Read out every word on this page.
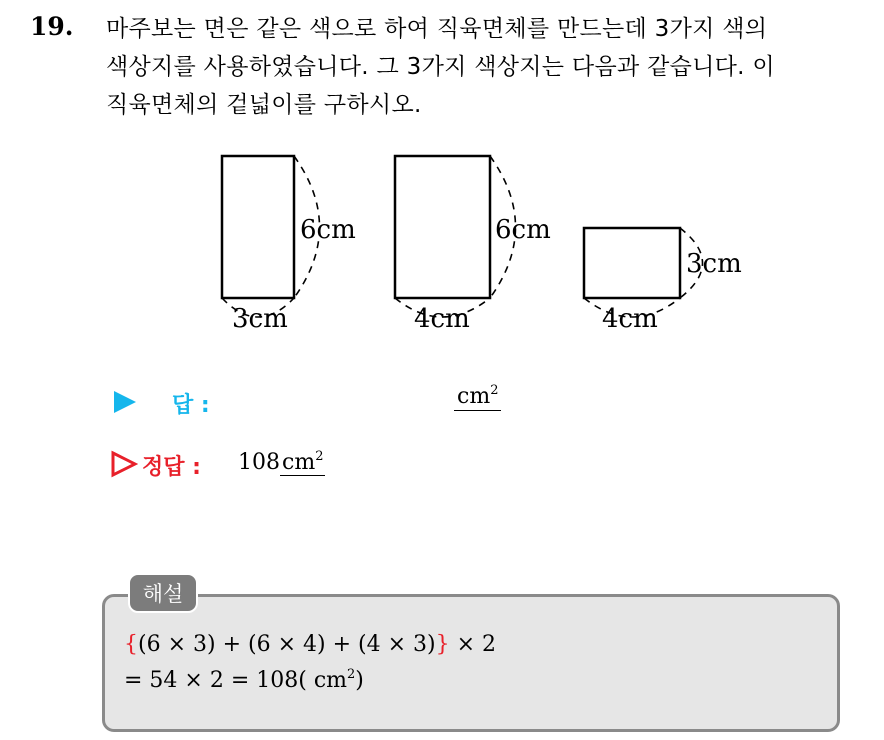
19. 마주보는 면은 같은 색으로 하여 직육면체를 만드는데 3가지 색의
색상지를 사용하였습니다. 그 3가지 색상지는 다음과 같습니다. 이
직육면체의 겉넓이를 구하시오.
6cm
3cm
6cm
4cm
3cm
4cm
답 :	$cm^2$
정답 : $108cm^2$
해설
{(6 × 3) + (6 × 4) + (4 × 3)} × 2
= 54 × 2 = 108( $cm^2$)
